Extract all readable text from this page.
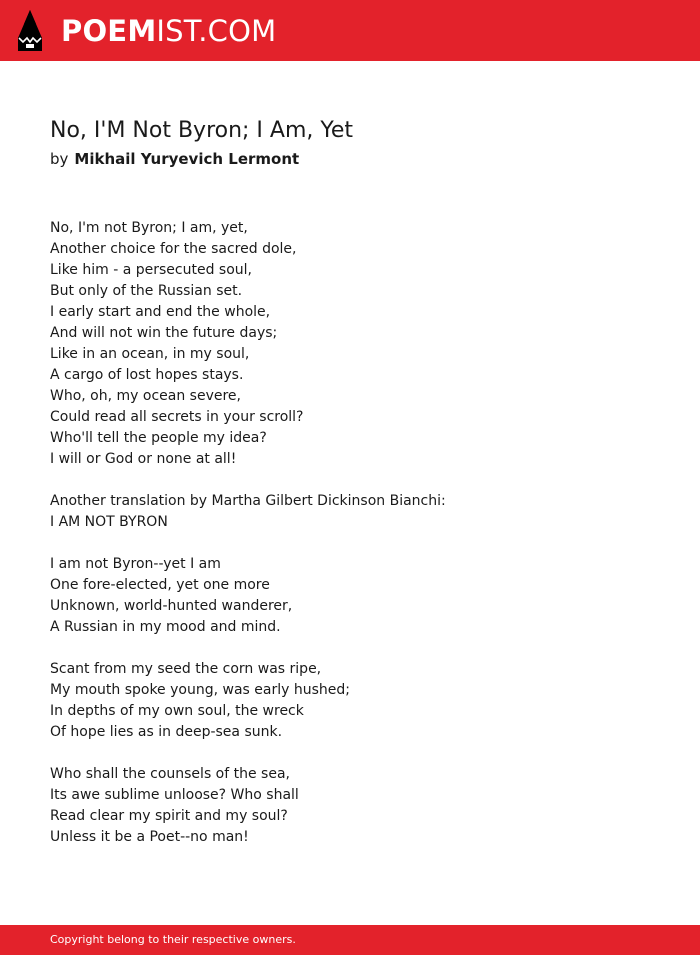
POEMIST.COM
No, I'M Not Byron; I Am, Yet
by Mikhail Yuryevich Lermont
No, I'm not Byron; I am, yet,
Another choice for the sacred dole,
Like him - a persecuted soul,
But only of the Russian set.
I early start and end the whole,
And will not win the future days;
Like in an ocean, in my soul,
A cargo of lost hopes stays.
Who, oh, my ocean severe,
Could read all secrets in your scroll?
Who'll tell the people my idea?
I will or God or none at all!
Another translation by Martha Gilbert Dickinson Bianchi:
I AM NOT BYRON
I am not Byron--yet I am
One fore-elected, yet one more
Unknown, world-hunted wanderer,
A Russian in my mood and mind.
Scant from my seed the corn was ripe,
My mouth spoke young, was early hushed;
In depths of my own soul, the wreck
Of hope lies as in deep-sea sunk.
Who shall the counsels of the sea,
Its awe sublime unloose? Who shall
Read clear my spirit and my soul?
Unless it be a Poet--no man!
Copyright belong to their respective owners.
